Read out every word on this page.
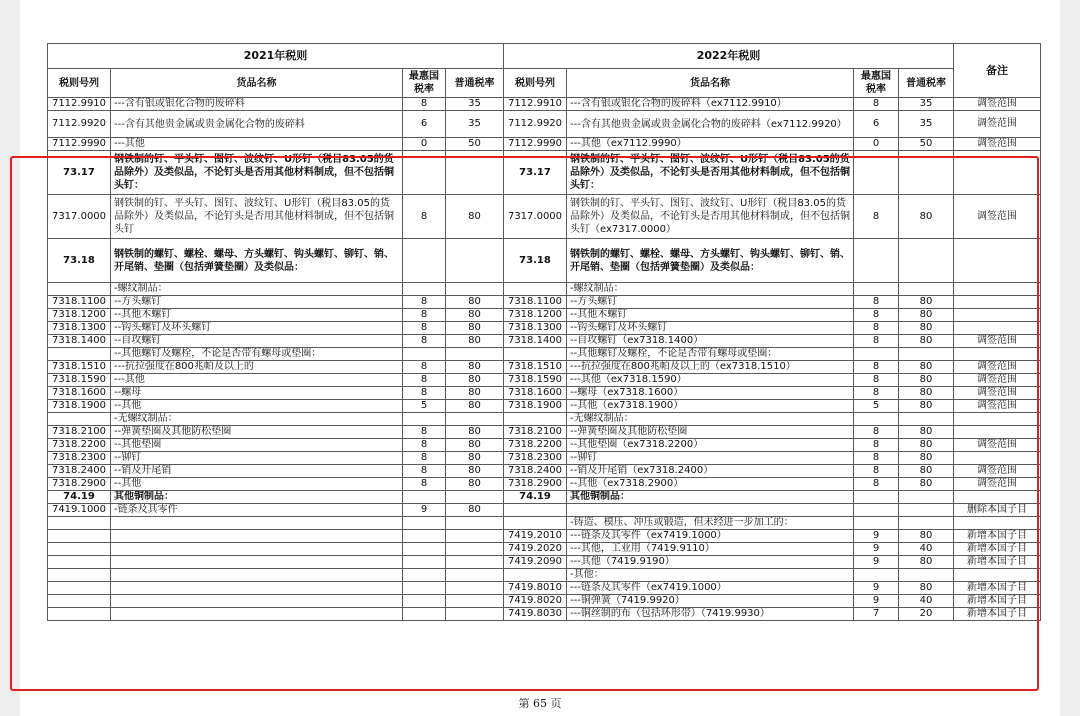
2021年税则				2022年税则				备注
税则号列	货品名称	最惠国税率	普通税率	税则号列	货品名称	最惠国税率	普通税率	
7112.9910	---含有银或银化合物的废碎料	8	35	7112.9910	---含有银或银化合物的废碎料（ex7112.9910）	8	35	调签范围
7112.9920	---含有其他贵金属或贵金属化合物的废碎料	6	35	7112.9920	---含有其他贵金属或贵金属化合物的废碎料（ex7112.9920）	6	35	调签范围
7112.9990	---其他	0	50	7112.9990	---其他（ex7112.9990）	0	50	调签范围
73.17	钢铁制的钉、平头钉、图钉、波纹钉、U形钉（税目83.05的货品除外）及类似品，不论钉头是否用其他材料制成，但不包括铜头钉：			73.17	钢铁制的钉、平头钉、图钉、波纹钉、U形钉（税目83.05的货品除外）及类似品，不论钉头是否用其他材料制成，但不包括铜头钉：			
7317.0000	钢铁制的钉、平头钉、图钉、波纹钉、U形钉（税目83.05的货品除外）及类似品，不论钉头是否用其他材料制成，但不包括铜头钉	8	80	7317.0000	钢铁制的钉、平头钉、图钉、波纹钉、U形钉（税目83.05的货品除外）及类似品，不论钉头是否用其他材料制成，但不包括铜头钉（ex7317.0000）	8	80	调签范围
73.18	钢铁制的螺钉、螺栓、螺母、方头螺钉、钩头螺钉、铆钉、销、开尾销、垫圈（包括弹簧垫圈）及类似品：			73.18	钢铁制的螺钉、螺栓、螺母、方头螺钉、钩头螺钉、铆钉、销、开尾销、垫圈（包括弹簧垫圈）及类似品：			
	-螺纹制品：				-螺纹制品：			
7318.1100	--方头螺钉	8	80	7318.1100	--方头螺钉	8	80	
7318.1200	--其他木螺钉	8	80	7318.1200	--其他木螺钉	8	80	
7318.1300	--钩头螺钉及环头螺钉	8	80	7318.1300	--钩头螺钉及环头螺钉	8	80	
7318.1400	--自攻螺钉	8	80	7318.1400	--自攻螺钉（ex7318.1400）	8	80	调签范围
	--其他螺钉及螺栓，不论是否带有螺母或垫圈：				--其他螺钉及螺栓，不论是否带有螺母或垫圈：			
7318.1510	---抗拉强度在800兆帕及以上的	8	80	7318.1510	---抗拉强度在800兆帕及以上的（ex7318.1510）	8	80	调签范围
7318.1590	---其他	8	80	7318.1590	---其他（ex7318.1590）	8	80	调签范围
7318.1600	--螺母	8	80	7318.1600	--螺母（ex7318.1600）	8	80	调签范围
7318.1900	--其他	5	80	7318.1900	--其他（ex7318.1900）	5	80	调签范围
	-无螺纹制品：				-无螺纹制品：			
7318.2100	--弹簧垫圈及其他防松垫圈	8	80	7318.2100	--弹簧垫圈及其他防松垫圈	8	80	
7318.2200	--其他垫圈	8	80	7318.2200	--其他垫圈（ex7318.2200）	8	80	调签范围
7318.2300	--铆钉	8	80	7318.2300	--铆钉	8	80	
7318.2400	--销及开尾销	8	80	7318.2400	--销及开尾销（ex7318.2400）	8	80	调签范围
7318.2900	--其他	8	80	7318.2900	--其他（ex7318.2900）	8	80	调签范围
74.19	其他铜制品：			74.19	其他铜制品：			
7419.1000	-链条及其零件	9	80					删除本国子目
					-铸造、模压、冲压或锻造，但未经进一步加工的：			
				7419.2010	---链条及其零件（ex7419.1000）	9	80	新增本国子目
				7419.2020	---其他，工业用（7419.9110）	9	40	新增本国子目
				7419.2090	---其他（7419.9190）	9	80	新增本国子目
					-其他：			
				7419.8010	---链条及其零件（ex7419.1000）	9	80	新增本国子目
				7419.8020	---铜弹簧（7419.9920）	9	40	新增本国子目
				7419.8030	---铜丝制的布（包括环形带）（7419.9930）	7	20	新增本国子目
第 65 页
